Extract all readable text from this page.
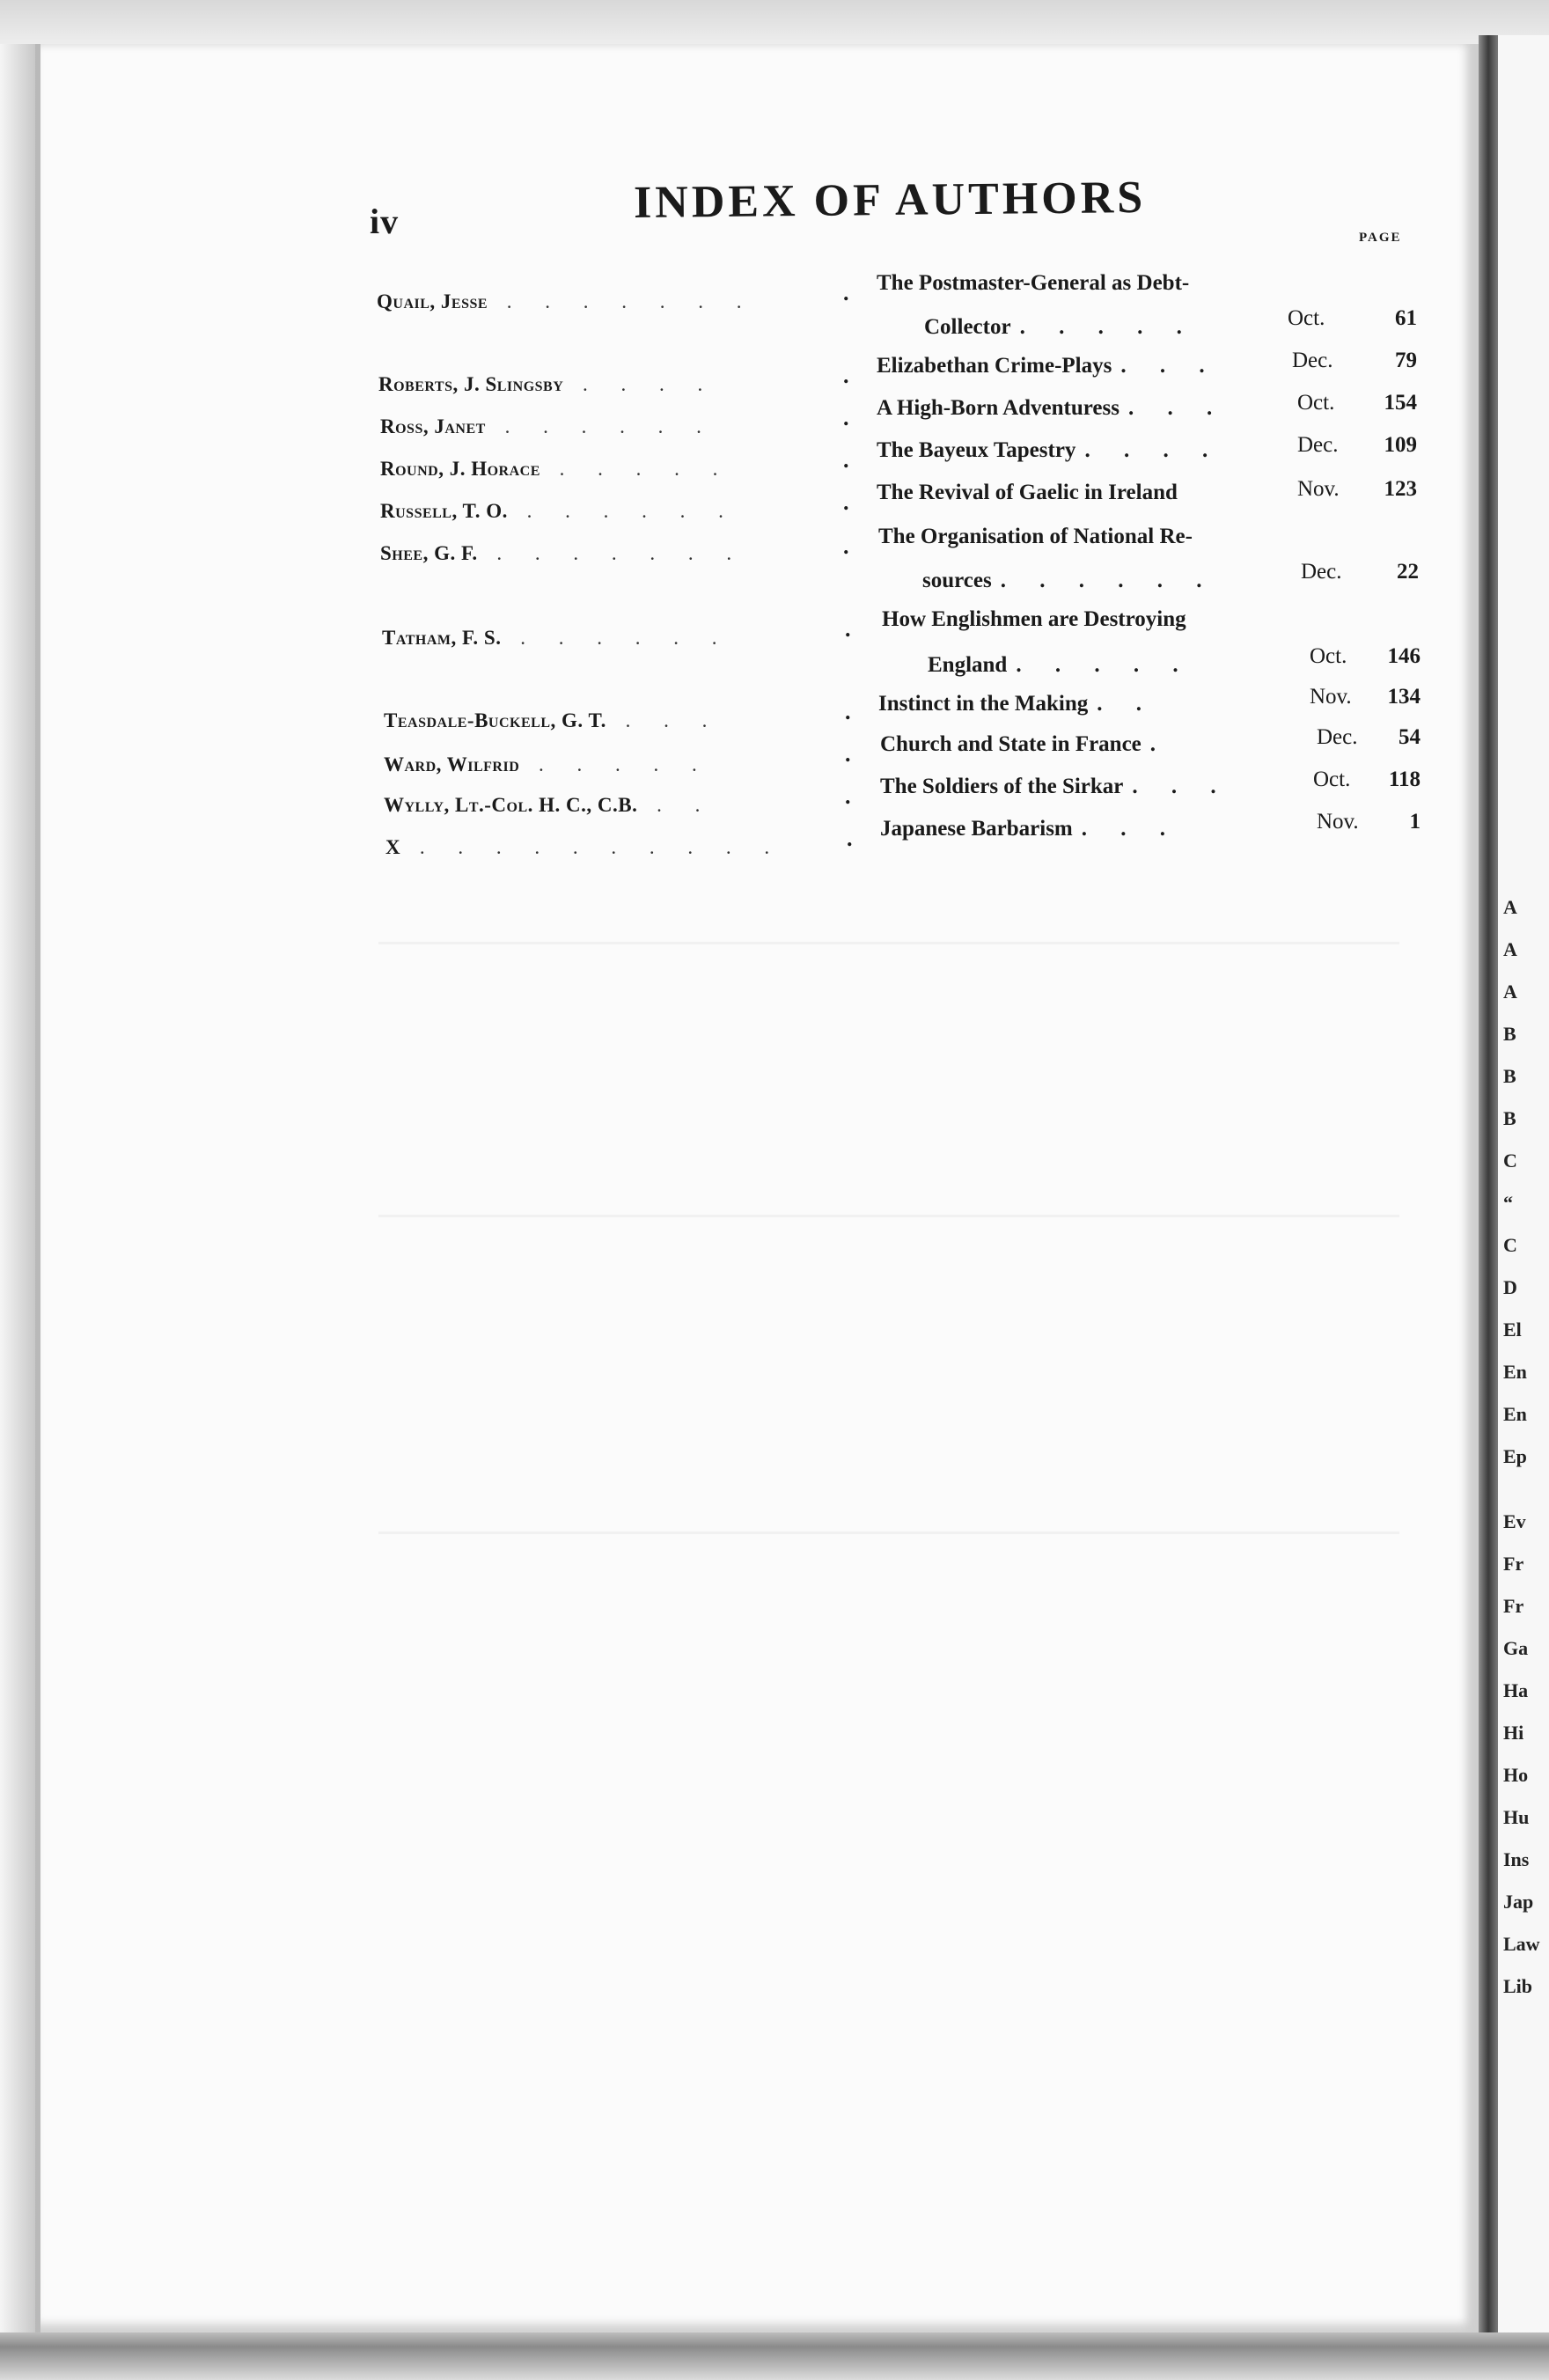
iv	INDEX OF AUTHORS
PAGE
Quail, Jesse . . . . . . .	. The Postmaster-General as Debt-
Collector . . . . .	Oct.	61
Roberts, J. Slingsby . . . .	. Elizabethan Crime-Plays . . .	Dec.	79
Ross, Janet . . . . . .	. A High-Born Adventuress . . .	Oct.	154
Round, J. Horace . . . . .	. The Bayeux Tapestry . . . .	Dec.	109
Russell, T. O. . . . . . .	. The Revival of Gaelic in Ireland	Nov.	123
Shee, G. F. . . . . . . .	. The Organisation of National Re-
sources . . . . . .	Dec.	22
Tatham, F. S. . . . . . .	. How Englishmen are Destroying
England . . . . .	Oct.	146
Teasdale-Buckell, G. T. . . .	. Instinct in the Making . .	Nov.	134
Ward, Wilfrid . . . . .	. Church and State in France .	Dec.	54
Wylly, Lt.-Col. H. C., C.B. . .	. The Soldiers of the Sirkar . . .	Oct.	118
X . . . . . . . . . .	. Japanese Barbarism . . .	Nov.	1
A
A
A
B
B
B
C
“
C
D
El
En
En
Ep
Ev
Fr
Fr
Ga
Ha
Hi
Ho
Hu
Ins
Jap
Law
Lib
